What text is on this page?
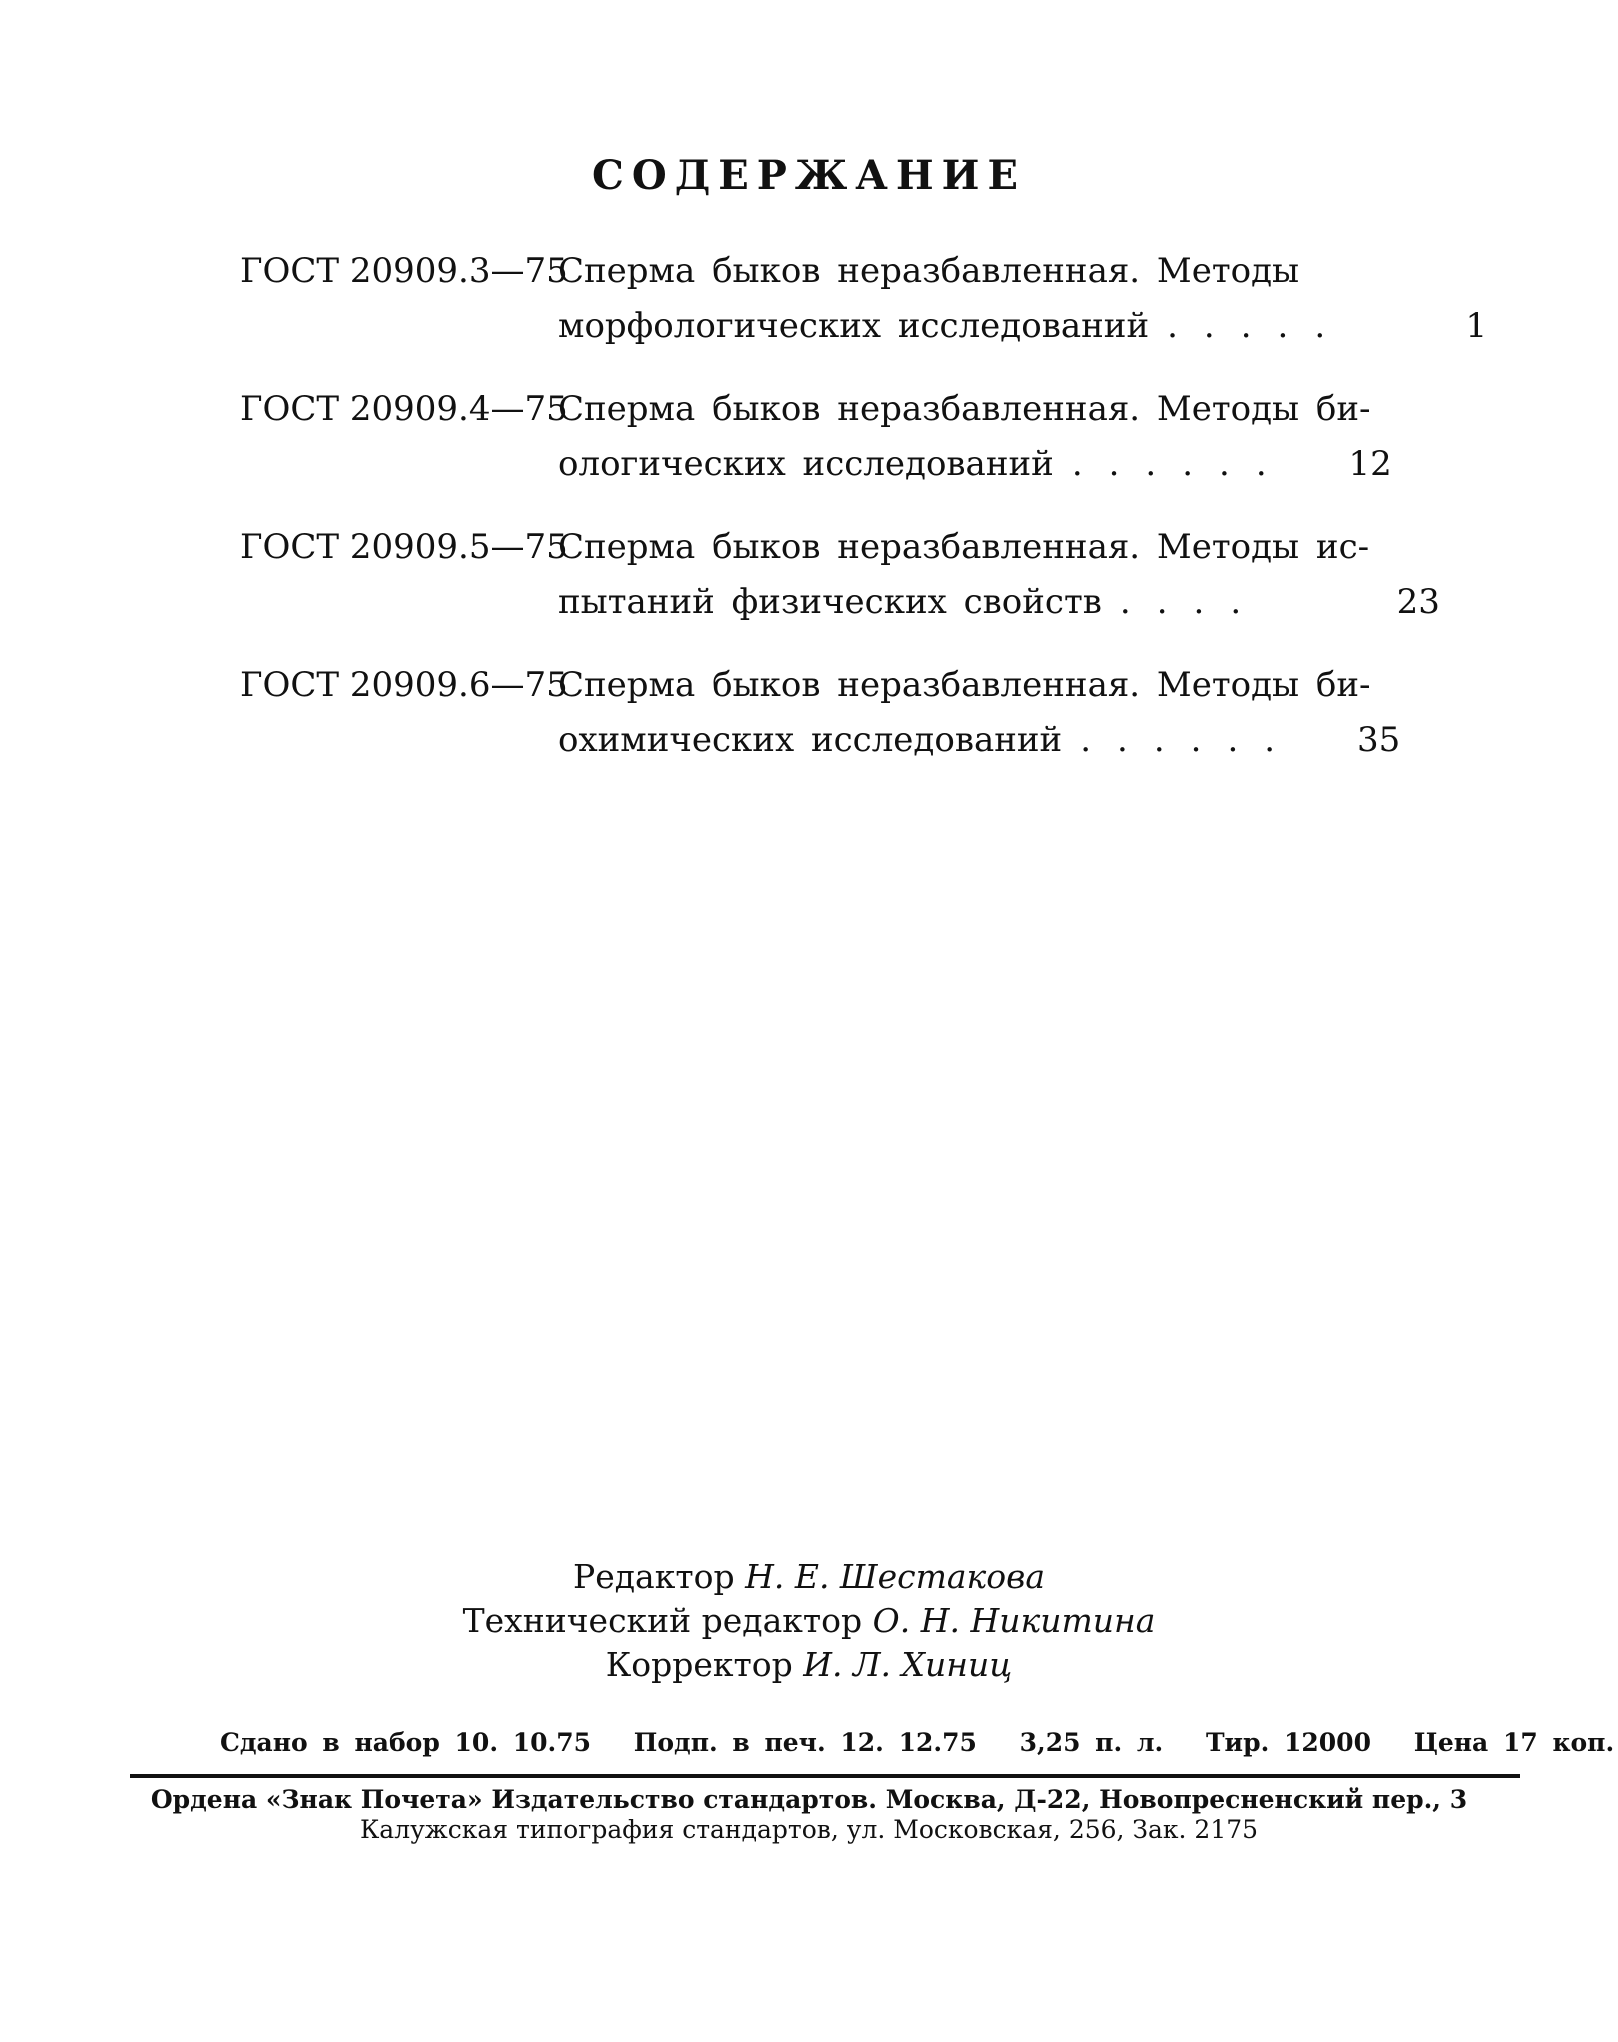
СОДЕРЖАНИЕ
ГОСТ 20909.3—75
Сперма быков неразбавленная. Методы
морфологических исследований .....	1
ГОСТ 20909.4—75
Сперма быков неразбавленная. Методы би-
ологических исследований ......	12
ГОСТ 20909.5—75
Сперма быков неразбавленная. Методы ис-
пытаний физических свойств ....	23
ГОСТ 20909.6—75
Сперма быков неразбавленная. Методы би-
охимических исследований ......	35
Редактор Н. Е. Шестакова
Технический редактор О. Н. Никитина
Корректор И. Л. Хиниц
Сдано в набор 10. 10.75 Подп. в печ. 12. 12.75 3,25 п. л. Тир. 12000 Цена 17 коп.
Ордена «Знак Почета» Издательство стандартов. Москва, Д-22, Новопресненский пер., 3
Калужская типография стандартов, ул. Московская, 256, Зак. 2175
